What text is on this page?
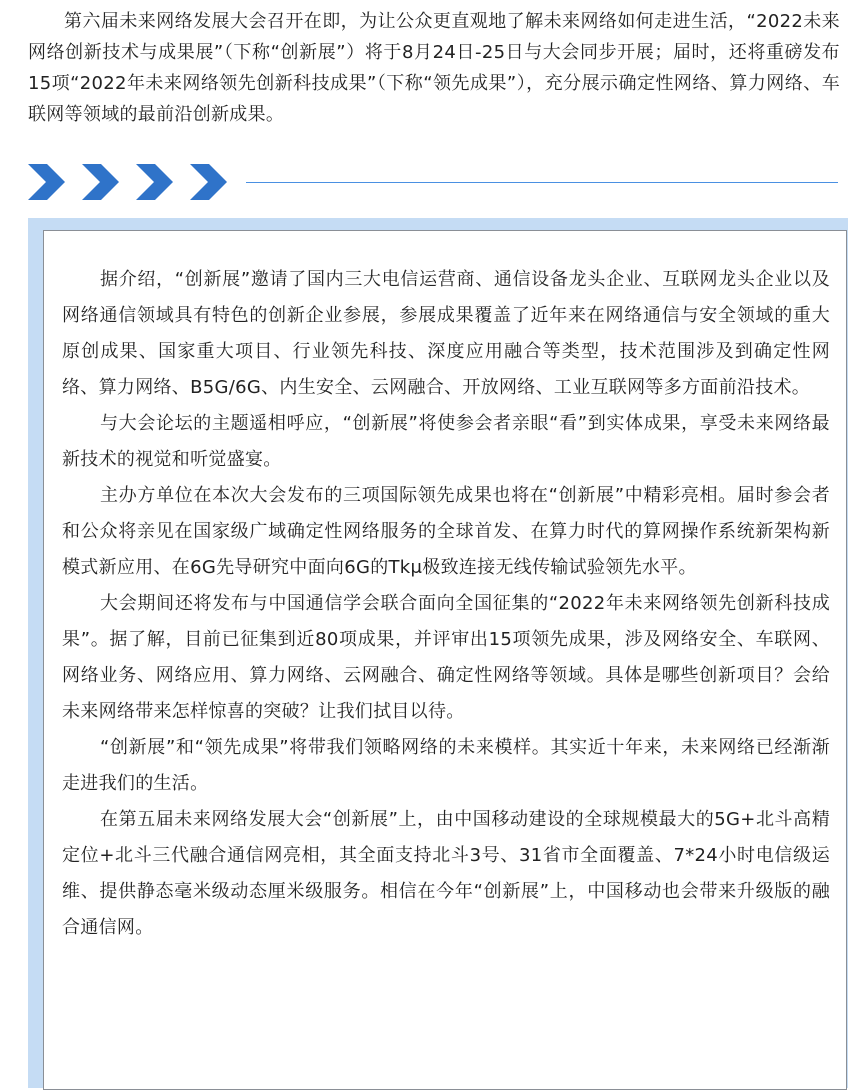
第六届未来网络发展大会召开在即，为让公众更直观地了解未来网络如何走进生活，“2022未来网络创新技术与成果展”（下称“创新展”）将于8月24日-25日与大会同步开展；届时，还将重磅发布15项“2022年未来网络领先创新科技成果”（下称“领先成果”），充分展示确定性网络、算力网络、车联网等领域的最前沿创新成果。

据介绍，“创新展”邀请了国内三大电信运营商、通信设备龙头企业、互联网龙头企业以及网络通信领域具有特色的创新企业参展，参展成果覆盖了近年来在网络通信与安全领域的重大原创成果、国家重大项目、行业领先科技、深度应用融合等类型，技术范围涉及到确定性网络、算力网络、B5G/6G、内生安全、云网融合、开放网络、工业互联网等多方面前沿技术。

与大会论坛的主题遥相呼应，“创新展”将使参会者亲眼“看”到实体成果，享受未来网络最新技术的视觉和听觉盛宴。

主办方单位在本次大会发布的三项国际领先成果也将在“创新展”中精彩亮相。届时参会者和公众将亲见在国家级广域确定性网络服务的全球首发、在算力时代的算网操作系统新架构新模式新应用、在6G先导研究中面向6G的Tkμ极致连接无线传输试验领先水平。

大会期间还将发布与中国通信学会联合面向全国征集的“2022年未来网络领先创新科技成果”。据了解，目前已征集到近80项成果，并评审出15项领先成果，涉及网络安全、车联网、网络业务、网络应用、算力网络、云网融合、确定性网络等领域。具体是哪些创新项目？会给未来网络带来怎样惊喜的突破？让我们拭目以待。

“创新展”和“领先成果”将带我们领略网络的未来模样。其实近十年来，未来网络已经渐渐走进我们的生活。

在第五届未来网络发展大会“创新展”上，由中国移动建设的全球规模最大的5G+北斗高精定位+北斗三代融合通信网亮相，其全面支持北斗3号、31省市全面覆盖、7*24小时电信级运维、提供静态毫米级动态厘米级服务。相信在今年“创新展”上，中国移动也会带来升级版的融合通信网。
